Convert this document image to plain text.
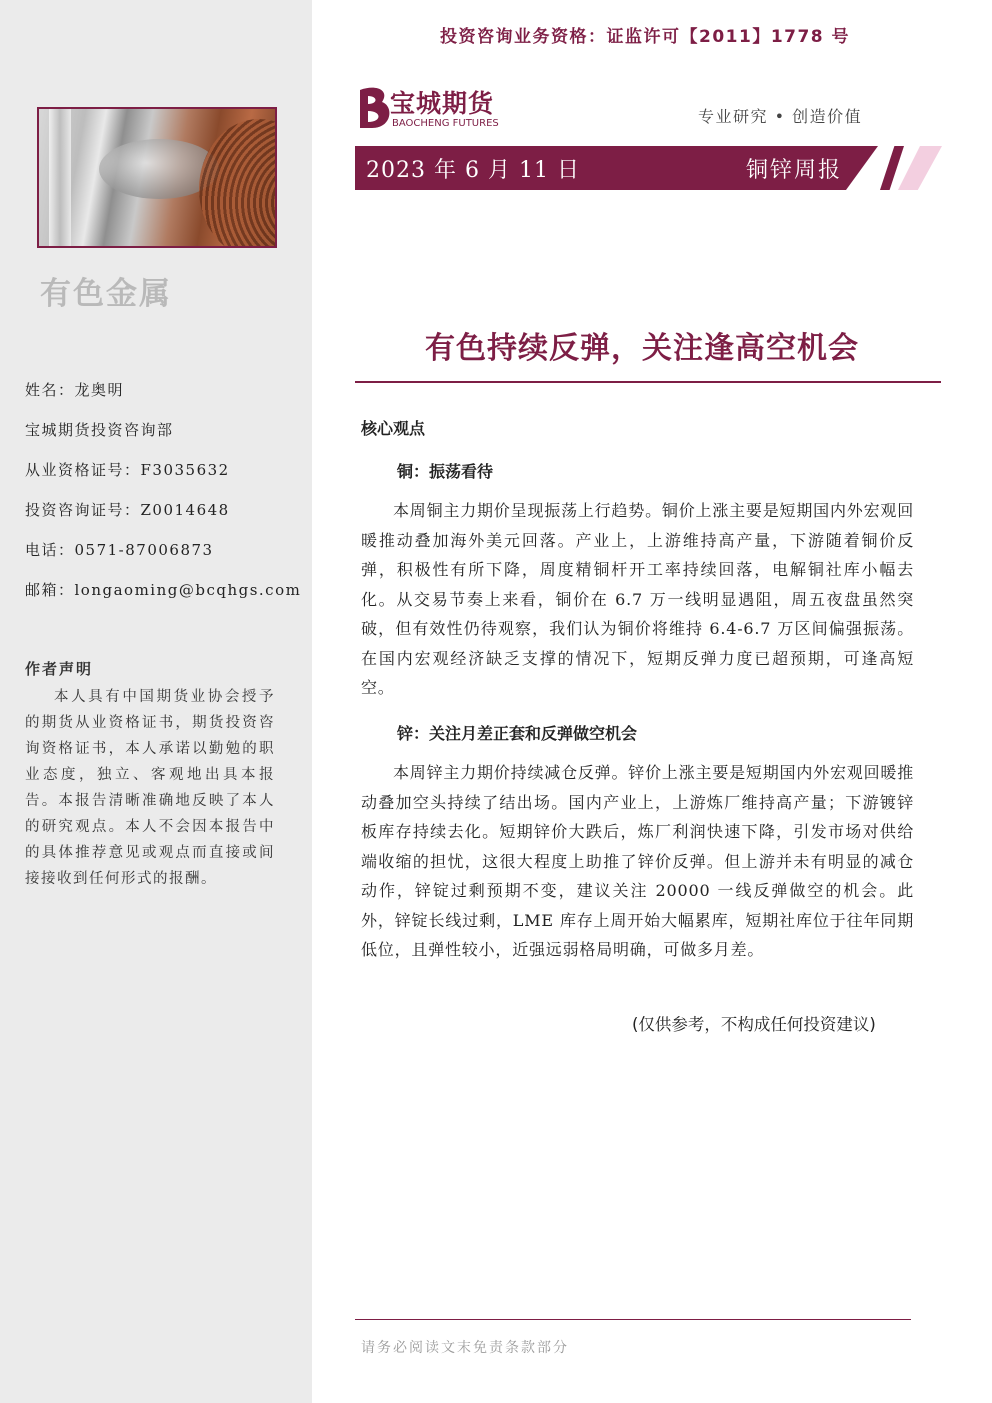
有色金属
姓名：龙奥明
宝城期货投资咨询部
从业资格证号：F3035632
投资咨询证号：Z0014648
电话：0571-87006873
邮箱：longaoming@bcqhgs.com
作者声明
本人具有中国期货业协会授予的期货从业资格证书，期货投资咨询资格证书，本人承诺以勤勉的职业态度，独立、客观地出具本报告。本报告清晰准确地反映了本人的研究观点。本人不会因本报告中的具体推荐意见或观点而直接或间接接收到任何形式的报酬。
投资咨询业务资格：证监许可【2011】1778 号
宝城期货
BAOCHENG FUTURES	专业研究 • 创造价值
2023 年 6 月 11 日	铜锌周报
有色持续反弹，关注逢高空机会
核心观点
铜：振荡看待
本周铜主力期价呈现振荡上行趋势。铜价上涨主要是短期国内外宏观回暖推动叠加海外美元回落。产业上，上游维持高产量，下游随着铜价反弹，积极性有所下降，周度精铜杆开工率持续回落，电解铜社库小幅去化。从交易节奏上来看，铜价在 6.7 万一线明显遇阻，周五夜盘虽然突破，但有效性仍待观察，我们认为铜价将维持 6.4-6.7 万区间偏强振荡。在国内宏观经济缺乏支撑的情况下，短期反弹力度已超预期，可逢高短空。
锌：关注月差正套和反弹做空机会
本周锌主力期价持续减仓反弹。锌价上涨主要是短期国内外宏观回暖推动叠加空头持续了结出场。国内产业上，上游炼厂维持高产量；下游镀锌板库存持续去化。短期锌价大跌后，炼厂利润快速下降，引发市场对供给端收缩的担忧，这很大程度上助推了锌价反弹。但上游并未有明显的减仓动作，锌锭过剩预期不变，建议关注 20000 一线反弹做空的机会。此外，锌锭长线过剩，LME 库存上周开始大幅累库，短期社库位于往年同期低位，且弹性较小，近强远弱格局明确，可做多月差。
(仅供参考，不构成任何投资建议)
请务必阅读文末免责条款部分
